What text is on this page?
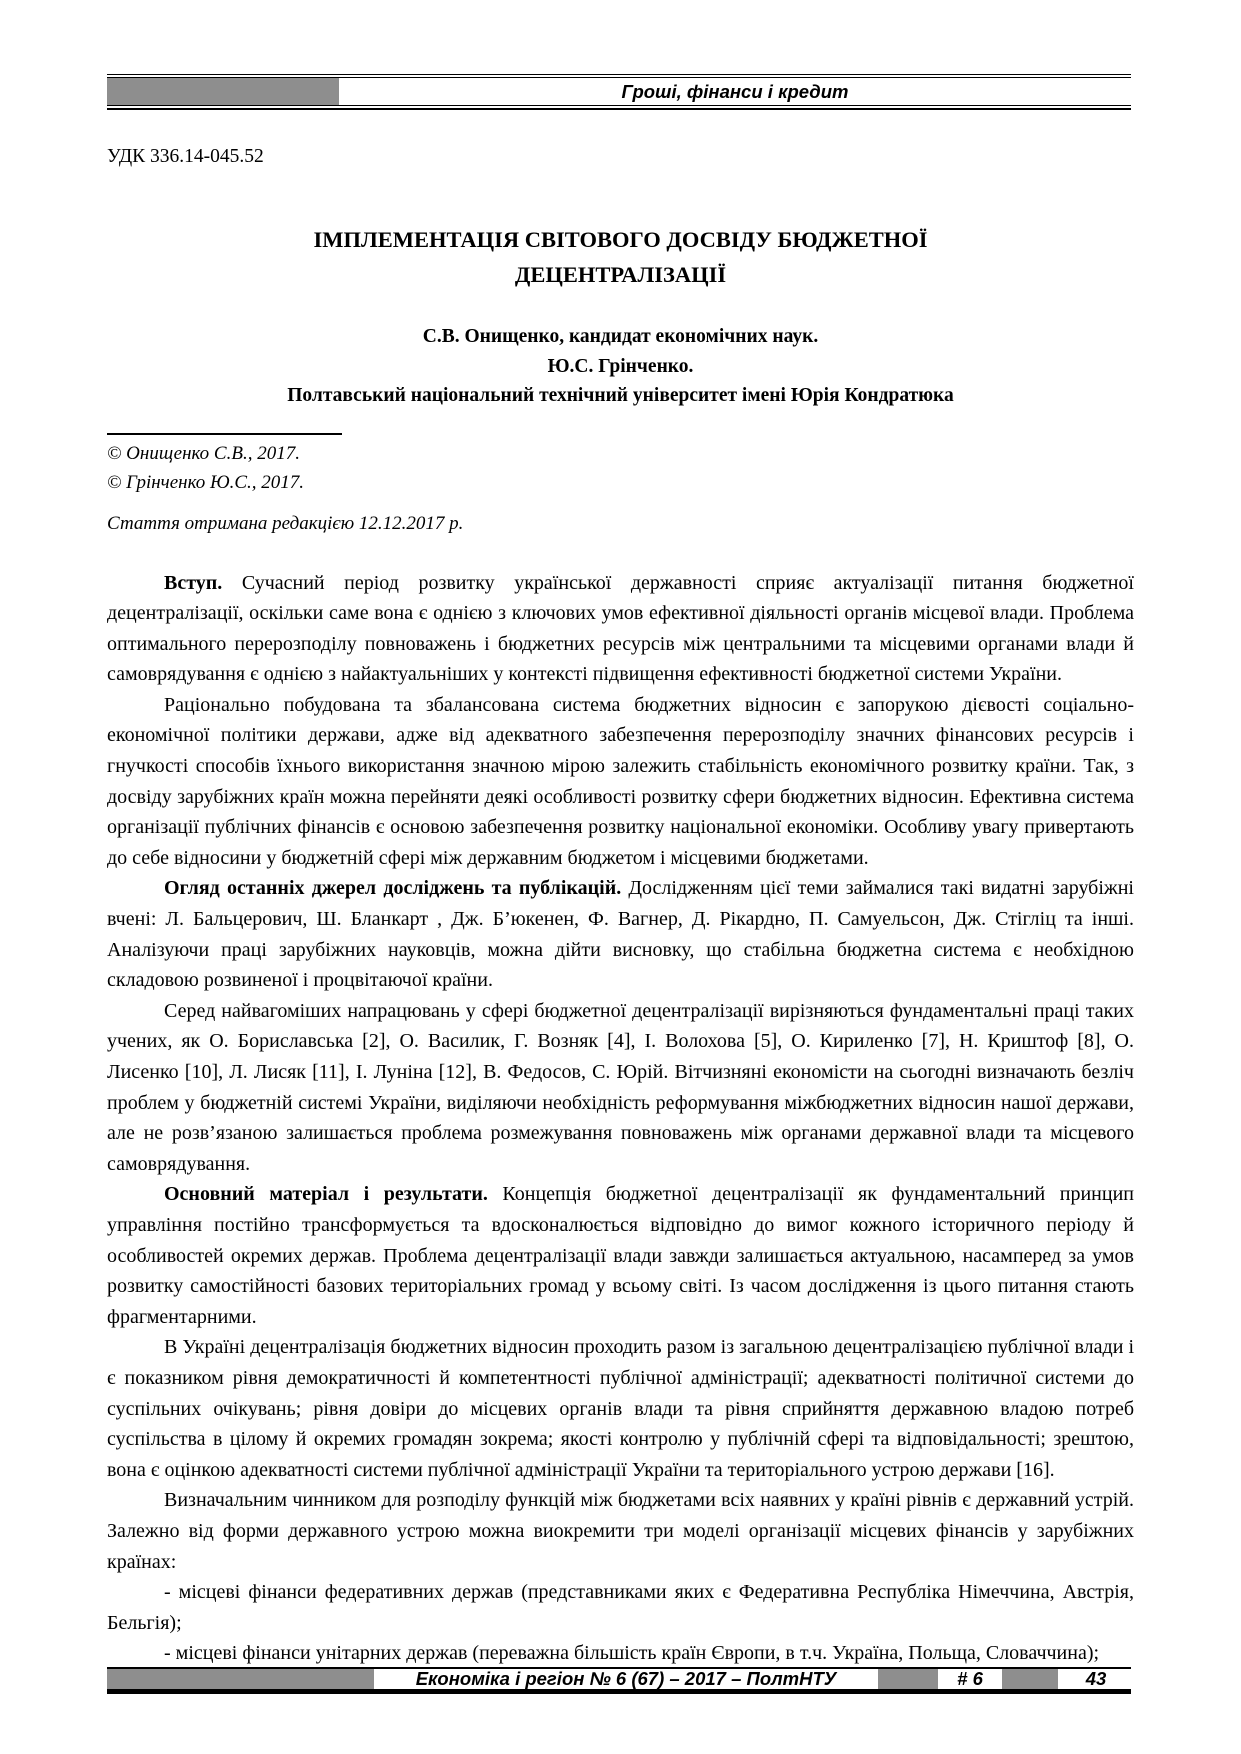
Гроші, фінанси і кредит
УДК 336.14-045.52
ІМПЛЕМЕНТАЦІЯ СВІТОВОГО ДОСВІДУ БЮДЖЕТНОЇ ДЕЦЕНТРАЛІЗАЦІЇ
С.В. Онищенко, кандидат економічних наук.
Ю.С. Грінченко.
Полтавський національний технічний університет імені Юрія Кондратюка
© Онищенко С.В., 2017.
© Грінченко Ю.С., 2017.
Стаття отримана редакцією 12.12.2017 р.

Вступ. Сучасний період розвитку української державності сприяє актуалізації питання бюджетної децентралізації, оскільки саме вона є однією з ключових умов ефективної діяльності органів місцевої влади. Проблема оптимального перерозподілу повноважень і бюджетних ресурсів між центральними та місцевими органами влади й самоврядування є однією з найактуальніших у контексті підвищення ефективності бюджетної системи України.

Раціонально побудована та збалансована система бюджетних відносин є запорукою дієвості соціально-економічної політики держави, адже від адекватного забезпечення перерозподілу значних фінансових ресурсів і гнучкості способів їхнього використання значною мірою залежить стабільність економічного розвитку країни. Так, з досвіду зарубіжних країн можна перейняти деякі особливості розвитку сфери бюджетних відносин. Ефективна система організації публічних фінансів є основою забезпечення розвитку національної економіки. Особливу увагу привертають до себе відносини у бюджетній сфері між державним бюджетом і місцевими бюджетами.

Огляд останніх джерел досліджень та публікацій. Дослідженням цієї теми займалися такі видатні зарубіжні вчені: Л. Бальцерович, Ш. Бланкарт , Дж. Б’юкенен, Ф. Вагнер, Д. Рікардно, П. Самуельсон, Дж. Стігліц та інші. Аналізуючи праці зарубіжних науковців, можна дійти висновку, що стабільна бюджетна система є необхідною складовою розвиненої і процвітаючої країни.

Серед найвагоміших напрацювань у сфері бюджетної децентралізації вирізняються фундаментальні праці таких учених, як О. Бориславська [2], О. Василик, Г. Возняк [4], І. Волохова [5], О. Кириленко [7], Н. Криштоф [8], О. Лисенко [10], Л. Лисяк [11], І. Луніна [12], В. Федосов, С. Юрій. Вітчизняні економісти на сьогодні визначають безліч проблем у бюджетній системі України, виділяючи необхідність реформування міжбюджетних відносин нашої держави, але не розв’язаною залишається проблема розмежування повноважень між органами державної влади та місцевого самоврядування.

Основний матеріал і результати. Концепція бюджетної децентралізації як фундаментальний принцип управління постійно трансформується та вдосконалюється відповідно до вимог кожного історичного періоду й особливостей окремих держав. Проблема децентралізації влади завжди залишається актуальною, насамперед за умов розвитку самостійності базових територіальних громад у всьому світі. Із часом дослідження із цього питання стають фрагментарними.

В Україні децентралізація бюджетних відносин проходить разом із загальною децентралізацією публічної влади і є показником рівня демократичності й компетентності публічної адміністрації; адекватності політичної системи до суспільних очікувань; рівня довіри до місцевих органів влади та рівня сприйняття державною владою потреб суспільства в цілому й окремих громадян зокрема; якості контролю у публічній сфері та відповідальності; зрештою, вона є оцінкою адекватності системи публічної адміністрації України та територіального устрою держави [16].

Визначальним чинником для розподілу функцій між бюджетами всіх наявних у країні рівнів є державний устрій. Залежно від форми державного устрою можна виокремити три моделі організації місцевих фінансів у зарубіжних країнах:

- місцеві фінанси федеративних держав (представниками яких є Федеративна Республіка Німеччина, Австрія, Бельгія);

- місцеві фінанси унітарних держав (переважна більшість країн Європи, в т.ч. Україна, Польща, Словаччина);

Економіка і регіон № 6 (67) – 2017 – ПолтНТУ	# 6	43
